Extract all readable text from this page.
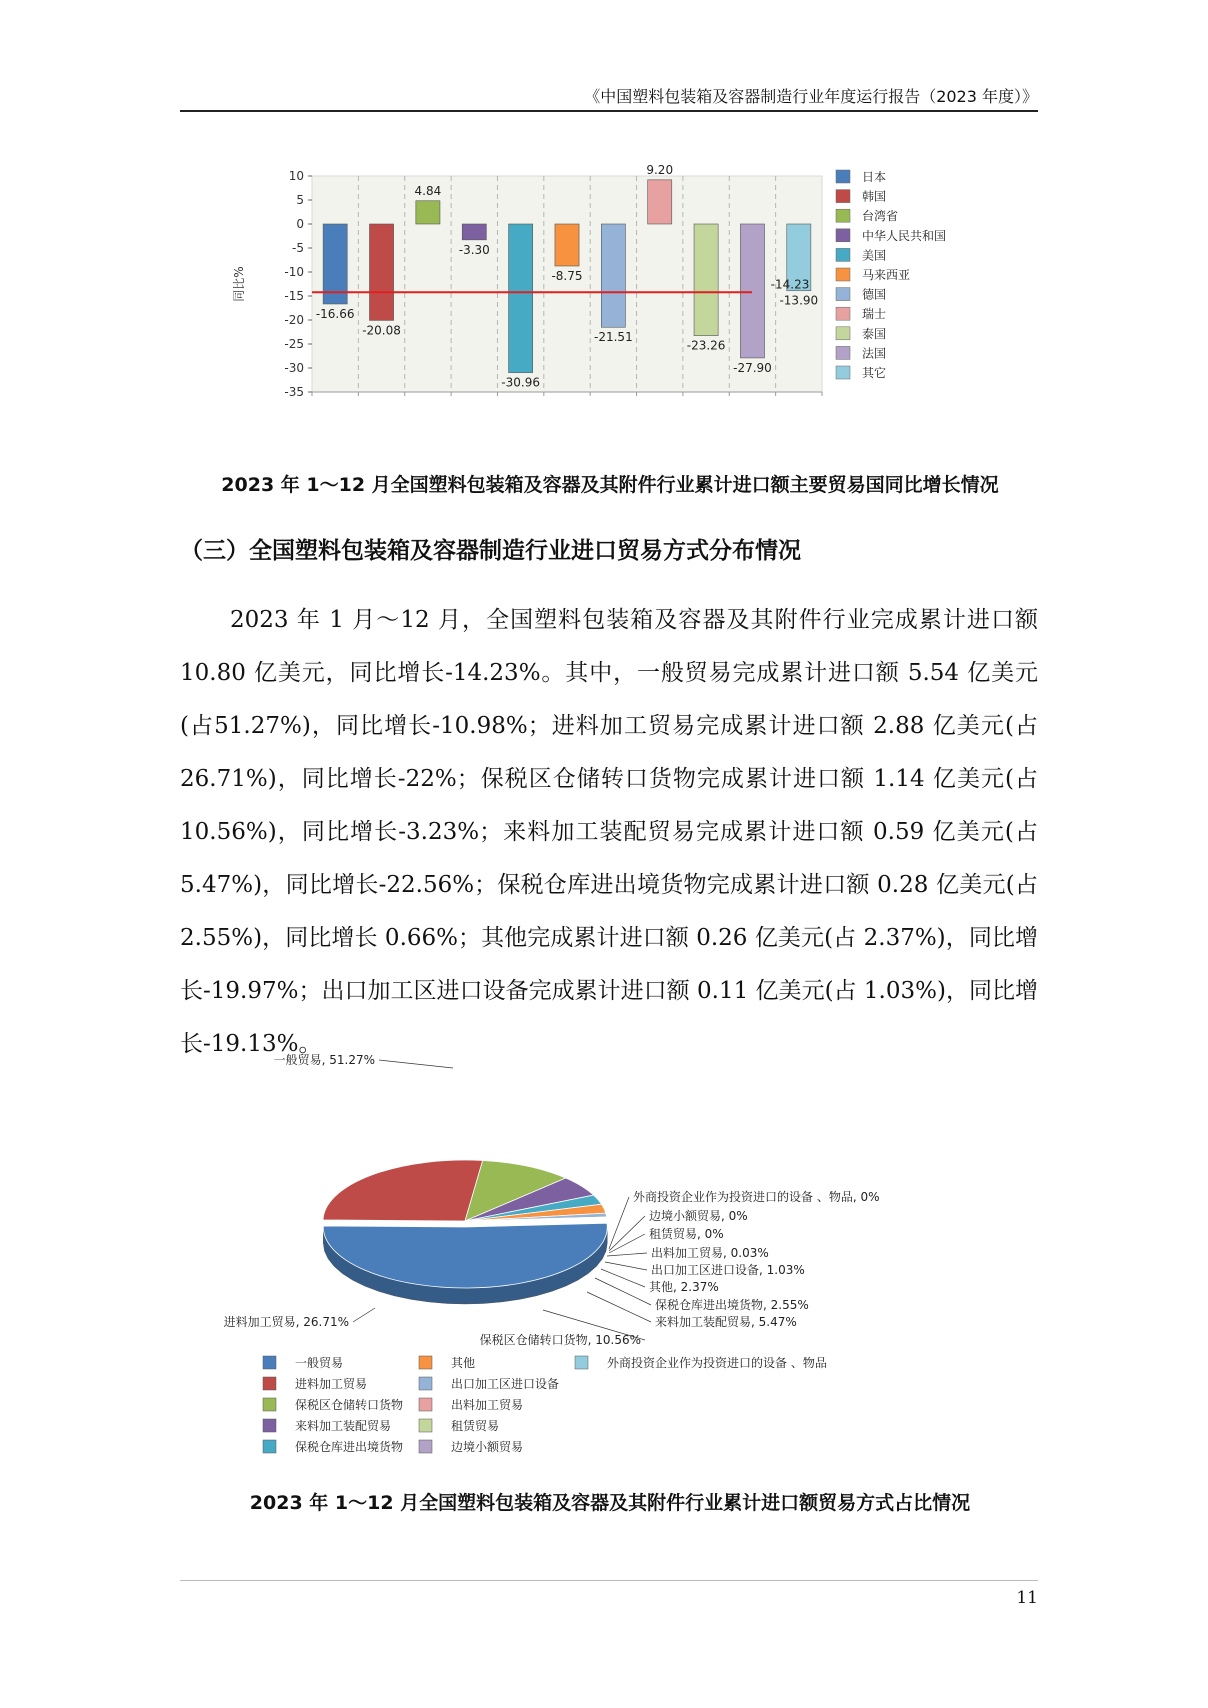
《中国塑料包装箱及容器制造行业年度运行报告（2023 年度）》
10
5
0
-5
-10
-15
-20
-25
-30
-35
同比%
-16.66
-20.08
4.84
-3.30
-30.96
-8.75
-21.51
9.20
-23.26
-27.90
-13.90
-14.23
日本
韩国
台湾省
中华人民共和国
美国
马来西亚
德国
瑞士
泰国
法国
其它
2023 年 1～12 月全国塑料包装箱及容器及其附件行业累计进口额主要贸易国同比增长情况
（三）全国塑料包装箱及容器制造行业进口贸易方式分布情况
2023 年 1 月～12 月，全国塑料包装箱及容器及其附件行业完成累计进口额10.80 亿美元，同比增长-14.23%。其中，一般贸易完成累计进口额 5.54 亿美元(占51.27%)，同比增长-10.98%；进料加工贸易完成累计进口额 2.88 亿美元(占26.71%)，同比增长-22%；保税区仓储转口货物完成累计进口额 1.14 亿美元(占10.56%)，同比增长-3.23%；来料加工装配贸易完成累计进口额 0.59 亿美元(占5.47%)，同比增长-22.56%；保税仓库进出境货物完成累计进口额 0.28 亿美元(占2.55%)，同比增长 0.66%；其他完成累计进口额 0.26 亿美元(占 2.37%)，同比增长-19.97%；出口加工区进口设备完成累计进口额 0.11 亿美元(占 1.03%)，同比增长-19.13%。
一般贸易, 51.27%
进料加工贸易, 26.71%
保税区仓储转口货物, 10.56%
来料加工装配贸易, 5.47%
保税仓库进出境货物, 2.55%
其他, 2.37%
出口加工区进口设备, 1.03%
出料加工贸易, 0.03%
租赁贸易, 0%
边境小额贸易, 0%
外商投资企业作为投资进口的设备 、物品, 0%
一般贸易
进料加工贸易
保税区仓储转口货物
来料加工装配贸易
保税仓库进出境货物
其他
出口加工区进口设备
出料加工贸易
租赁贸易
边境小额贸易
外商投资企业作为投资进口的设备 、物品
2023 年 1～12 月全国塑料包装箱及容器及其附件行业累计进口额贸易方式占比情况
11
